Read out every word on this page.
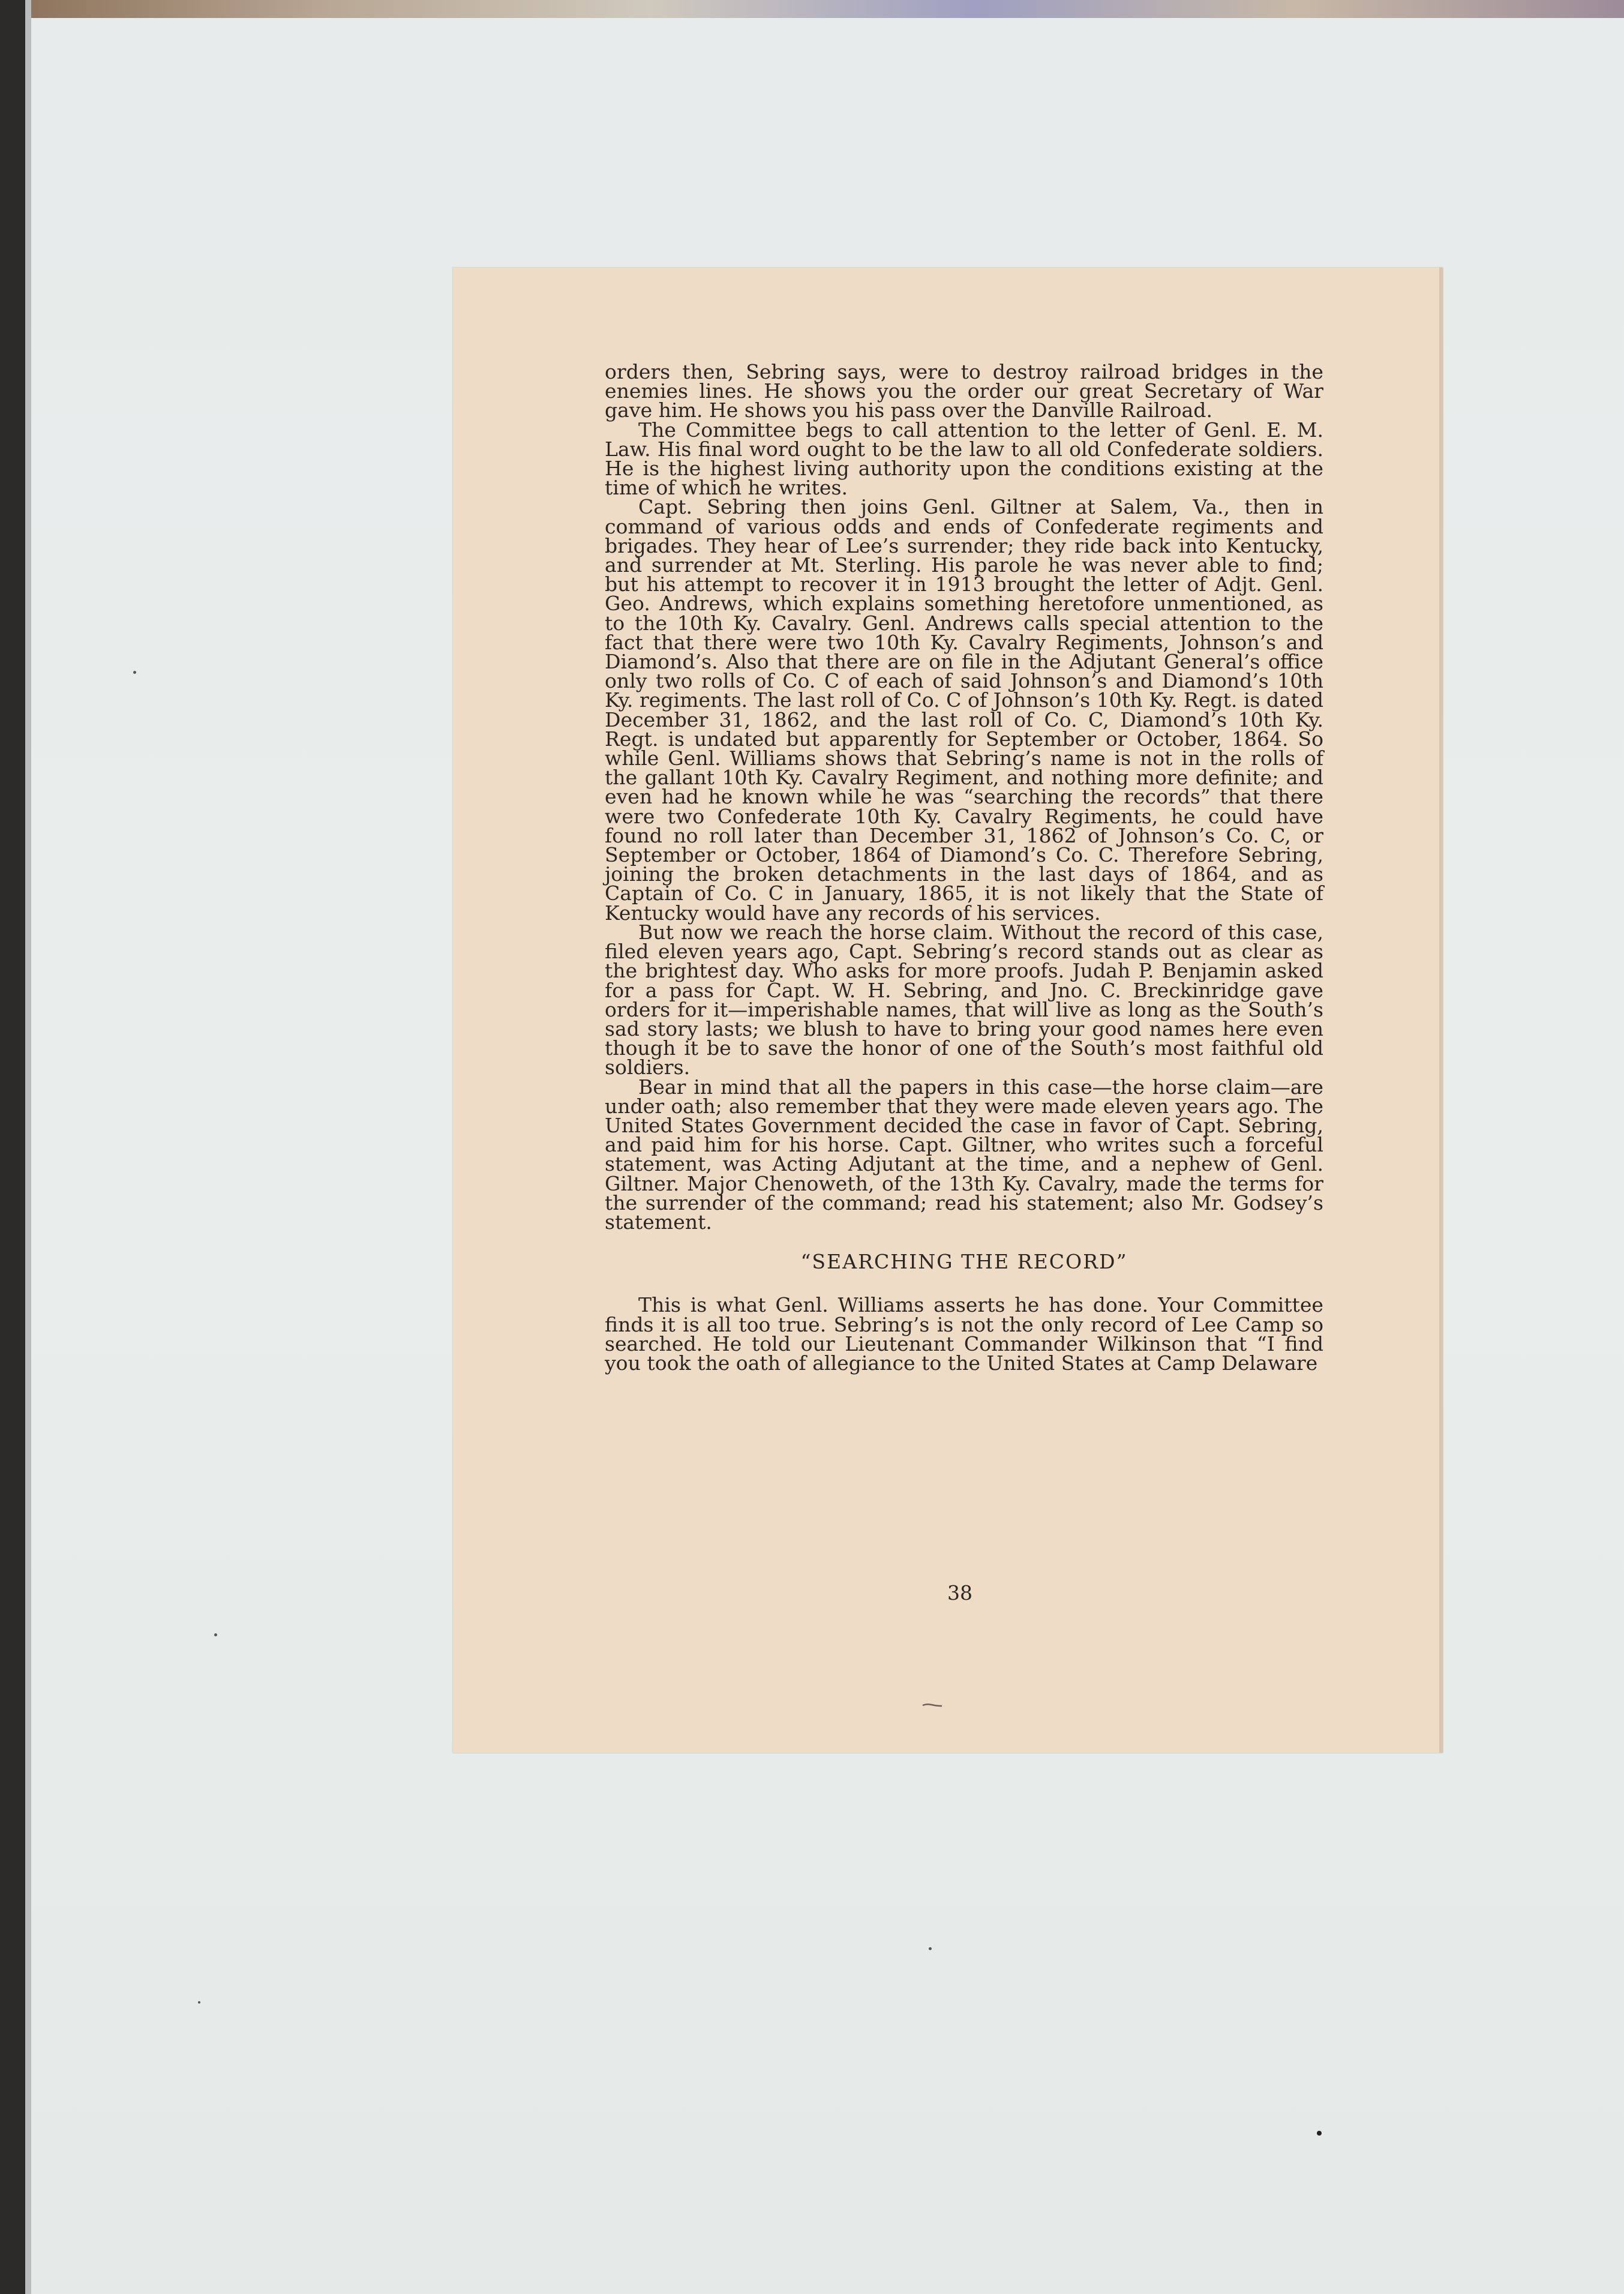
orders then, Sebring says, were to destroy railroad bridges in the enemies lines. He shows you the order our great Secretary of War gave him. He shows you his pass over the Danville Railroad.

The Committee begs to call attention to the letter of Genl. E. M. Law. His final word ought to be the law to all old Confederate soldiers. He is the highest living authority upon the conditions existing at the time of which he writes.

Capt. Sebring then joins Genl. Giltner at Salem, Va., then in command of various odds and ends of Confederate regiments and brigades. They hear of Lee’s surrender; they ride back into Kentucky, and surrender at Mt. Sterling. His parole he was never able to find; but his attempt to recover it in 1913 brought the letter of Adjt. Genl. Geo. Andrews, which explains something heretofore unmentioned, as to the 10th Ky. Cavalry. Genl. Andrews calls special attention to the fact that there were two 10th Ky. Cavalry Regiments, Johnson’s and Diamond’s. Also that there are on file in the Adjutant General’s office only two rolls of Co. C of each of said Johnson’s and Diamond’s 10th Ky. regiments. The last roll of Co. C of Johnson’s 10th Ky. Regt. is dated December 31, 1862, and the last roll of Co. C, Diamond’s 10th Ky. Regt. is undated but apparently for September or October, 1864. So while Genl. Williams shows that Sebring’s name is not in the rolls of the gallant 10th Ky. Cavalry Regiment, and nothing more definite; and even had he known while he was “searching the records” that there were two Confederate 10th Ky. Cavalry Regiments, he could have found no roll later than December 31, 1862 of Johnson’s Co. C, or September or October, 1864 of Diamond’s Co. C. Therefore Sebring, joining the broken detachments in the last days of 1864, and as Captain of Co. C in January, 1865, it is not likely that the State of Kentucky would have any records of his services.

But now we reach the horse claim. Without the record of this case, filed eleven years ago, Capt. Sebring’s record stands out as clear as the brightest day. Who asks for more proofs. Judah P. Benjamin asked for a pass for Capt. W. H. Sebring, and Jno. C. Breckinridge gave orders for it—imperishable names, that will live as long as the South’s sad story lasts; we blush to have to bring your good names here even though it be to save the honor of one of the South’s most faithful old soldiers.

Bear in mind that all the papers in this case—the horse claim—are under oath; also remember that they were made eleven years ago. The United States Government decided the case in favor of Capt. Sebring, and paid him for his horse. Capt. Giltner, who writes such a forceful statement, was Acting Adjutant at the time, and a nephew of Genl. Giltner. Major Chenoweth, of the 13th Ky. Cavalry, made the terms for the surrender of the command; read his statement; also Mr. Godsey’s statement.

“SEARCHING THE RECORD”

This is what Genl. Williams asserts he has done. Your Committee finds it is all too true. Sebring’s is not the only record of Lee Camp so searched. He told our Lieutenant Commander Wilkinson that “I find you took the oath of allegiance to the United States at Camp Delaware

38
